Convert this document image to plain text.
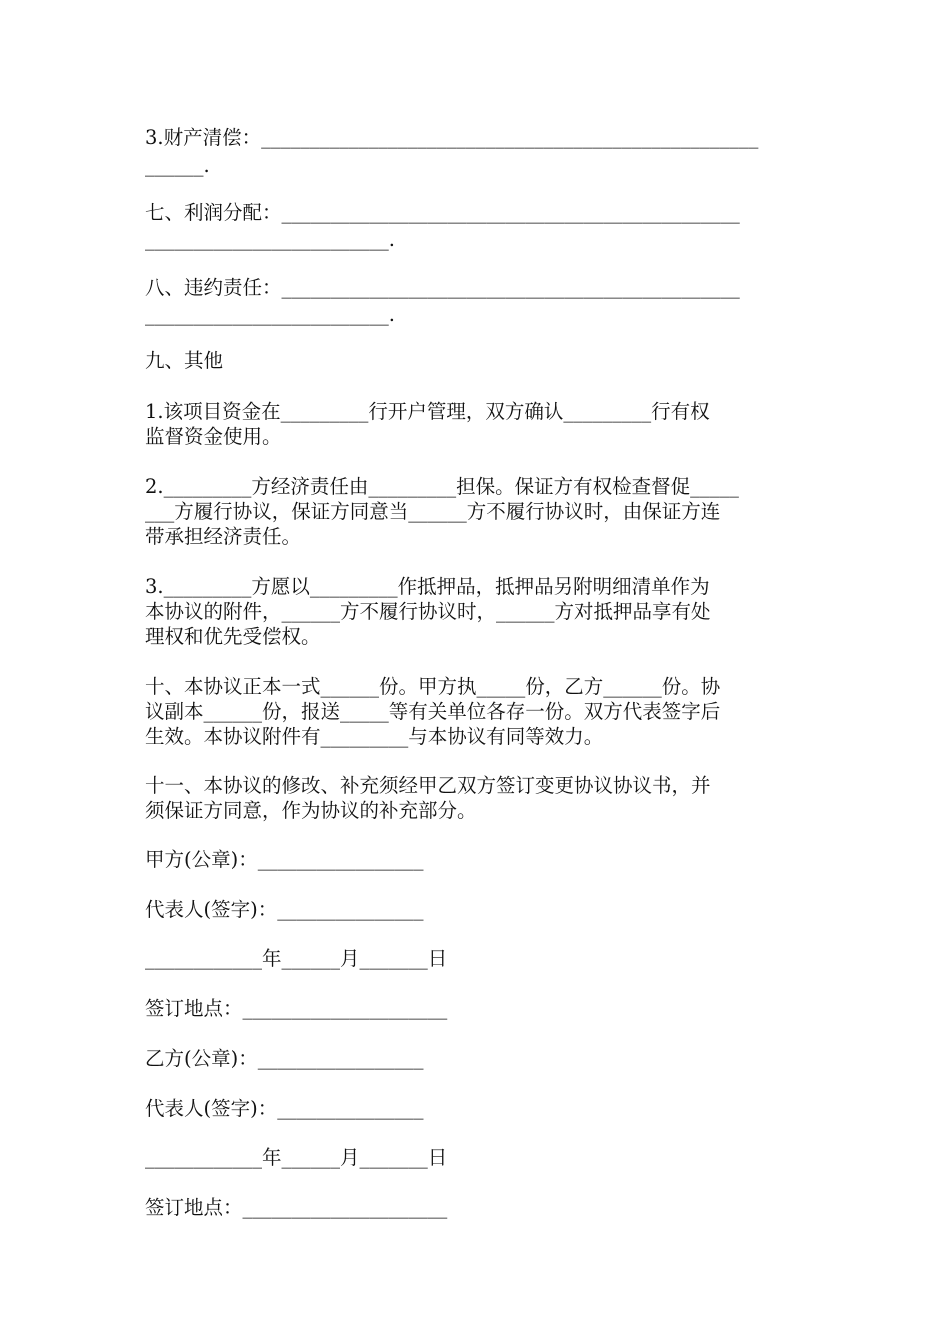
3.财产清偿：___________________________________________________
______.
七、利润分配：_______________________________________________
_________________________.
八、违约责任：_______________________________________________
_________________________.
九、其他
1.该项目资金在_________行开户管理，双方确认_________行有权
监督资金使用。
2._________方经济责任由_________担保。保证方有权检查督促_____
___方履行协议，保证方同意当______方不履行协议时，由保证方连
带承担经济责任。
3._________方愿以_________作抵押品，抵押品另附明细清单作为
本协议的附件，______方不履行协议时，______方对抵押品享有处
理权和优先受偿权。
十、本协议正本一式______份。甲方执_____份，乙方______份。协
议副本______份，报送_____等有关单位各存一份。双方代表签字后
生效。本协议附件有_________与本协议有同等效力。
十一、本协议的修改、补充须经甲乙双方签订变更协议协议书，并
须保证方同意，作为协议的补充部分。
甲方(公章)：_________________
代表人(签字)：_______________
____________年______月_______日
签订地点：_____________________
乙方(公章)：_________________
代表人(签字)：_______________
____________年______月_______日
签订地点：_____________________
